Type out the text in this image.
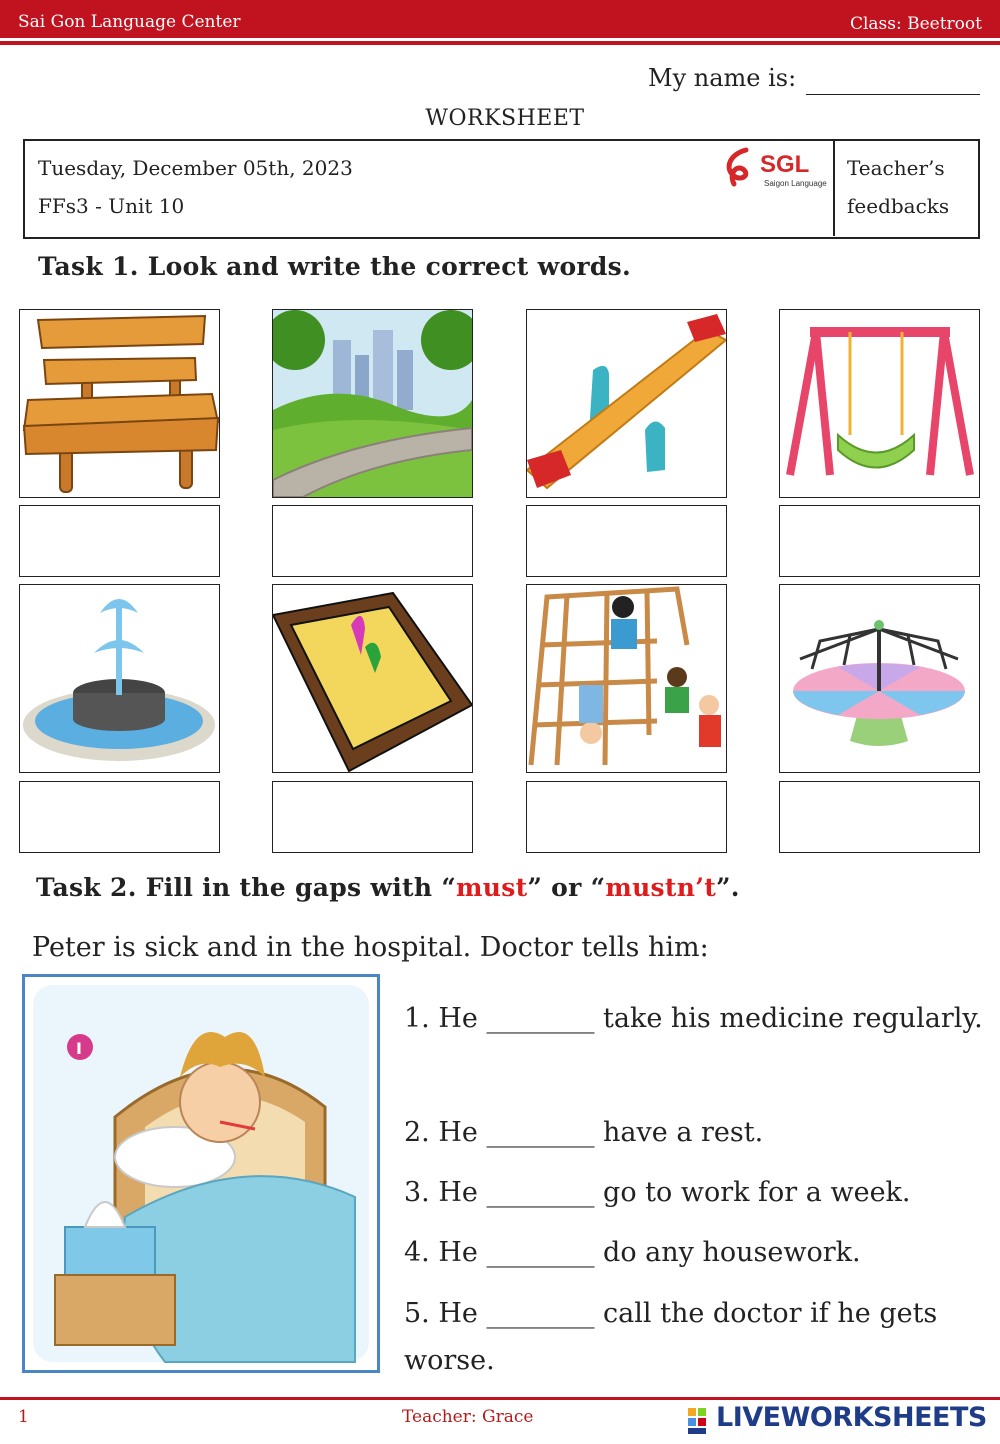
Sai Gon Language Center	Class: Beetroot
My name is:
WORKSHEET
Tuesday, December 05th, 2023
FFs3 - Unit 10
Teacher’s
feedbacks
SGL
Saigon Language
Task 1. Look and write the correct words.
Task 2. Fill in the gaps with “must” or “mustn’t”.
Peter is sick and in the hospital. Doctor tells him:
I
1. He ________ take his medicine regularly.
2. He ________ have a rest.
3. He ________ go to work for a week.
4. He ________ do any housework.
5. He ________ call the doctor if he gets worse.
1	Teacher: Grace	LIVEWORKSHEETS
